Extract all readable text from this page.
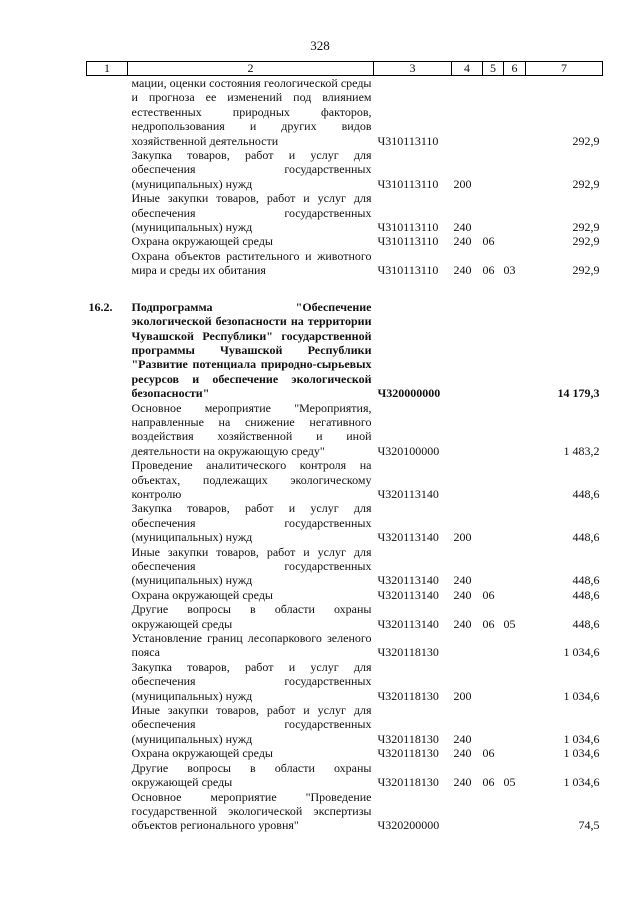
328
1	2	3	4	5	6	7
	мации, оценки состояния геологической среды и прогноза ее изменений под влиянием естественных природных факторов, недропользования и других видов хозяйственной деятельности	Ч310113110				292,9
	Закупка товаров, работ и услуг для обеспечения государственных (муниципальных) нужд	Ч310113110	200			292,9
	Иные закупки товаров, работ и услуг для обеспечения государственных (муниципальных) нужд	Ч310113110	240			292,9
	Охрана окружающей среды	Ч310113110	240	06		292,9
	Охрана объектов растительного и животного мира и среды их обитания	Ч310113110	240	06	03	292,9

16.2.	Подпрограмма "Обеспечение экологической безопасности на территории Чувашской Республики" государственной программы Чувашской Республики "Развитие потенциала природно-сырьевых ресурсов и обеспечение экологической безопасности"	Ч320000000				14 179,3
	Основное мероприятие "Мероприятия, направленные на снижение негативного воздействия хозяйственной и иной деятельности на окружающую среду"	Ч320100000				1 483,2
	Проведение аналитического контроля на объектах, подлежащих экологическому контролю	Ч320113140				448,6
	Закупка товаров, работ и услуг для обеспечения государственных (муниципальных) нужд	Ч320113140	200			448,6
	Иные закупки товаров, работ и услуг для обеспечения государственных (муниципальных) нужд	Ч320113140	240			448,6
	Охрана окружающей среды	Ч320113140	240	06		448,6
	Другие вопросы в области охраны окружающей среды	Ч320113140	240	06	05	448,6
	Установление границ лесопаркового зеленого пояса	Ч320118130				1 034,6
	Закупка товаров, работ и услуг для обеспечения государственных (муниципальных) нужд	Ч320118130	200			1 034,6
	Иные закупки товаров, работ и услуг для обеспечения государственных (муниципальных) нужд	Ч320118130	240			1 034,6
	Охрана окружающей среды	Ч320118130	240	06		1 034,6
	Другие вопросы в области охраны окружающей среды	Ч320118130	240	06	05	1 034,6
	Основное мероприятие "Проведение государственной экологической экспертизы объектов регионального уровня"	Ч320200000				74,5
